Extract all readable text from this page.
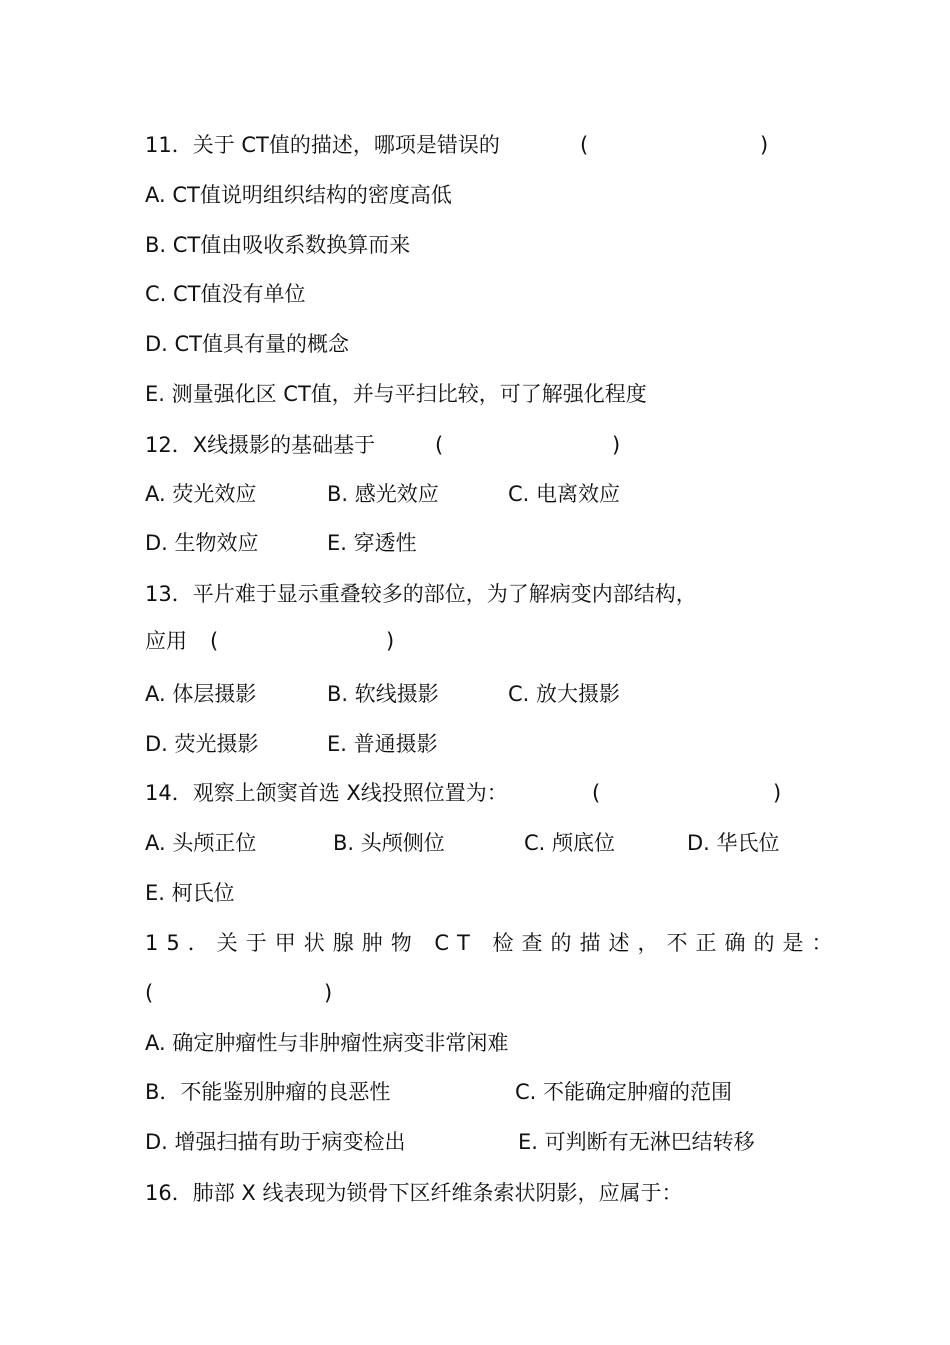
11．关于 CT值的描述，哪项是错误的	(	)
A. CT值说明组织结构的密度高低
B. CT值由吸收系数换算而来
C. CT值没有单位
D. CT值具有量的概念
E. 测量强化区 CT值，并与平扫比较，可了解强化程度
12．X线摄影的基础基于	(	)
A. 荧光效应	B. 感光效应	C. 电离效应
D. 生物效应	E. 穿透性
13．平片难于显示重叠较多的部位，为了解病变内部结构，
应用 (	)
A. 体层摄影	B. 软线摄影	C. 放大摄影
D. 荧光摄影	E. 普通摄影
14．观察上颌窦首选 X线投照位置为：	(	)
A. 头颅正位	B. 头颅侧位	C. 颅底位	D. 华氏位
E. 柯氏位
15．关于甲状腺肿物 CT 检查的描述，不正确的是：
(	)
A. 确定肿瘤性与非肿瘤性病变非常闲难
B．不能鉴别肿瘤的良恶性	C. 不能确定肿瘤的范围
D. 增强扫描有助于病变检出	E. 可判断有无淋巴结转移
16．肺部 X 线表现为锁骨下区纤维条索状阴影，应属于：
